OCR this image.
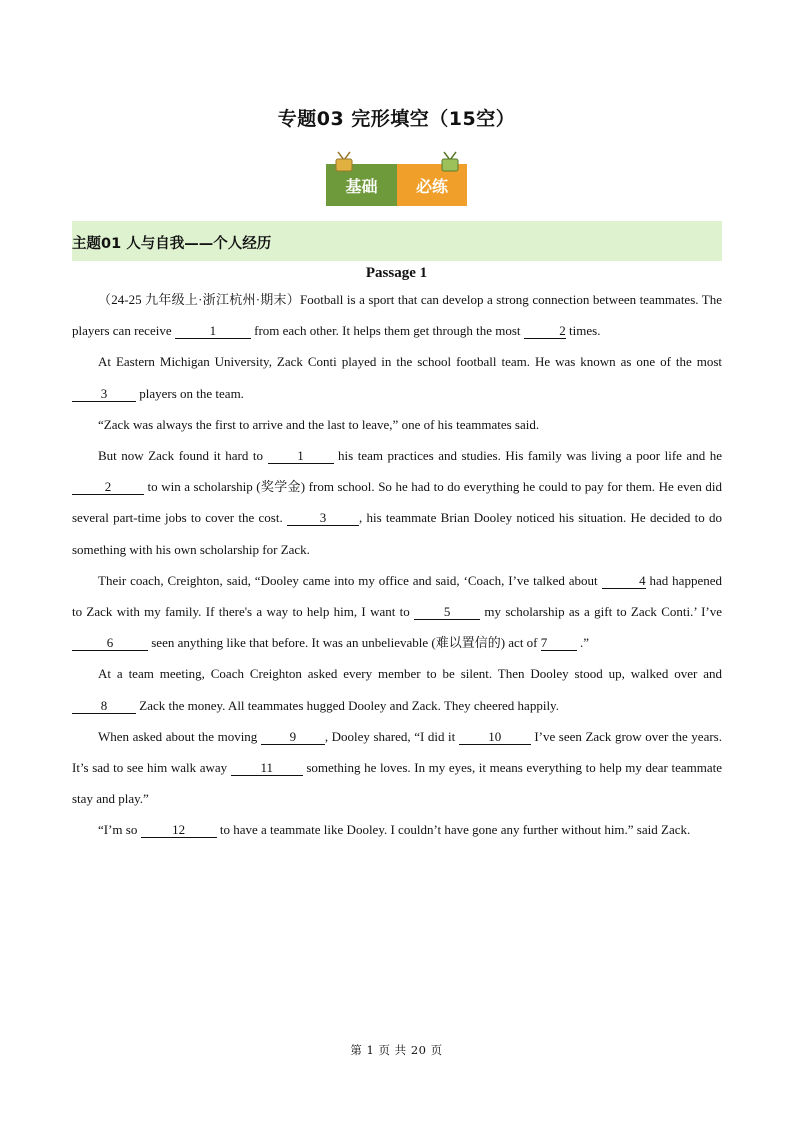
专题03 完形填空（15空）
基础	必练
主题01 人与自我——个人经历
Passage 1

（24-25 九年级上·浙江杭州·期末）Football is a sport that can develop a strong connection between teammates. The players can receive	1	from each other. It helps them get through the most	2 times.

At Eastern Michigan University, Zack Conti played in the school football team. He was known as one of the most 3 players on the team.

“Zack was always the first to arrive and the last to leave,” one of his teammates said.

But now Zack found it hard to 1 his team practices and studies. His family was living a poor life and he 2	to win a scholarship (奖学金) from school. So he had to do everything he could to pay for them. He even did several part-time jobs to cover the cost.	3	, his teammate Brian Dooley noticed his situation. He decided to do something with his own scholarship for Zack.

Their coach, Creighton, said, “Dooley came into my office and said, ‘Coach, I’ve talked about	4 had happened to Zack with my family. If there's a way to help him, I want to 5 my scholarship as a gift to Zack Conti.’ I’ve 6	seen anything like that before. It was an unbelievable (难以置信的) act of 7 .”

At a team meeting, Coach Creighton asked every member to be silent. Then Dooley stood up, walked over and 8 Zack the money. All teammates hugged Dooley and Zack. They cheered happily.

When asked about the moving 9 , Dooley shared, “I did it 10 I’ve seen Zack grow over the years. It’s sad to see him walk away 11 something he loves. In my eyes, it means everything to help my dear teammate stay and play.”

“I’m so 12 to have a teammate like Dooley. I couldn’t have gone any further without him.” said Zack.

第 1 页 共 20 页
